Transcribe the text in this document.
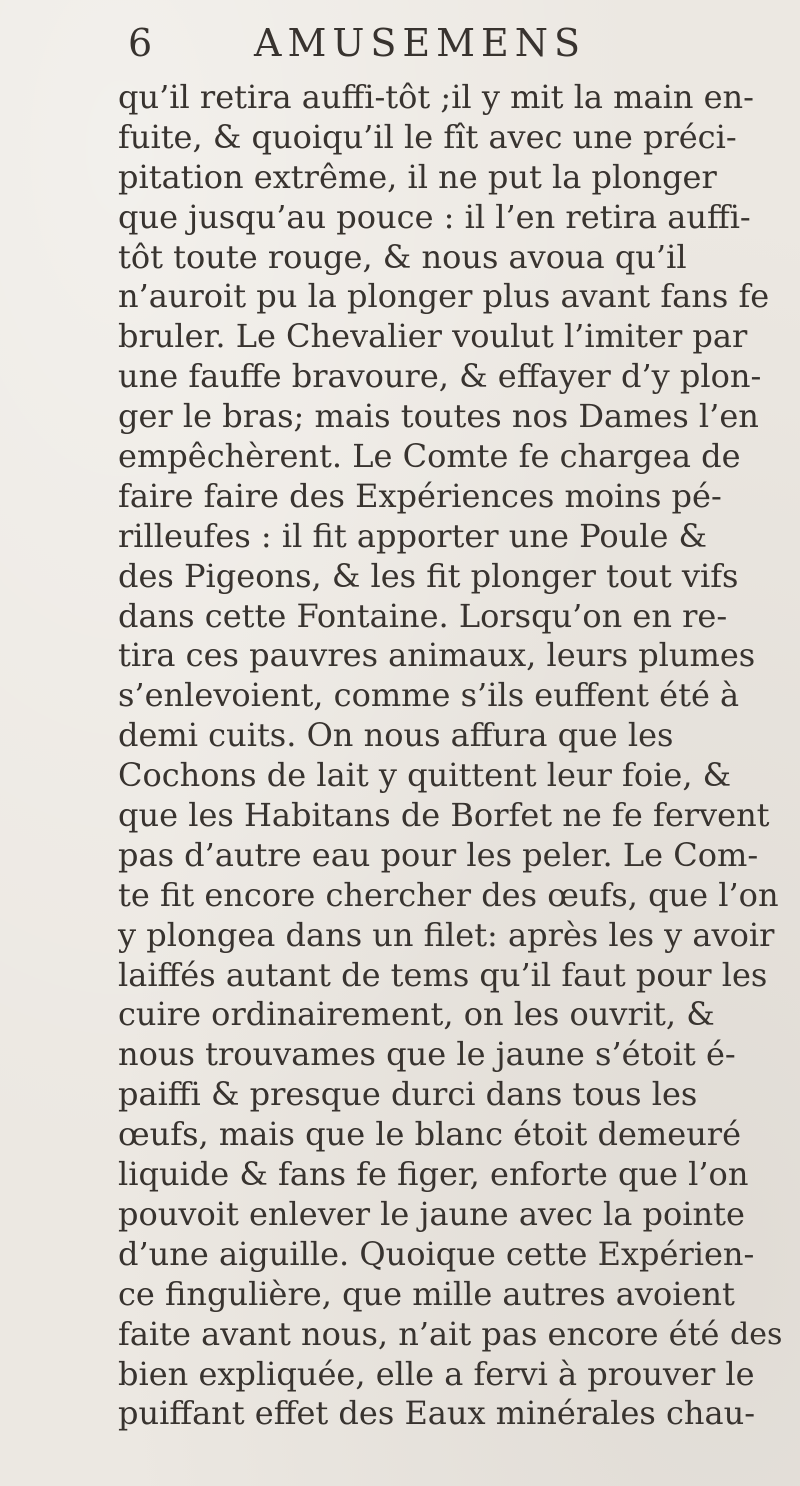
6	AMUSEMENS
qu’il retira auffi-tôt ;il y mit la main en-
fuite, & quoiqu’il le fît avec une préci-
pitation extrême, il ne put la plonger
que jusqu’au pouce : il l’en retira auffi-
tôt toute rouge, & nous avoua qu’il
n’auroit pu la plonger plus avant fans fe
bruler. Le Chevalier voulut l’imiter par
une fauffe bravoure, & effayer d’y plon-
ger le bras; mais toutes nos Dames l’en
empêchèrent. Le Comte fe chargea de
faire faire des Expériences moins pé-
rilleufes : il fit apporter une Poule &
des Pigeons, & les fit plonger tout vifs
dans cette Fontaine. Lorsqu’on en re-
tira ces pauvres animaux, leurs plumes
s’enlevoient, comme s’ils euffent été à
demi cuits. On nous affura que les
Cochons de lait y quittent leur foie, &
que les Habitans de Borfet ne fe fervent
pas d’autre eau pour les peler. Le Com-
te fit encore chercher des œufs, que l’on
y plongea dans un filet: après les y avoir
laiffés autant de tems qu’il faut pour les
cuire ordinairement, on les ouvrit, &
nous trouvames que le jaune s’étoit é-
paiffi & presque durci dans tous les
œufs, mais que le blanc étoit demeuré
liquide & fans fe figer, enforte que l’on
pouvoit enlever le jaune avec la pointe
d’une aiguille. Quoique cette Expérien-
ce fingulière, que mille autres avoient
faite avant nous, n’ait pas encore été
bien expliquée, elle a fervi à prouver le
puiffant effet des Eaux minérales chau-
des
